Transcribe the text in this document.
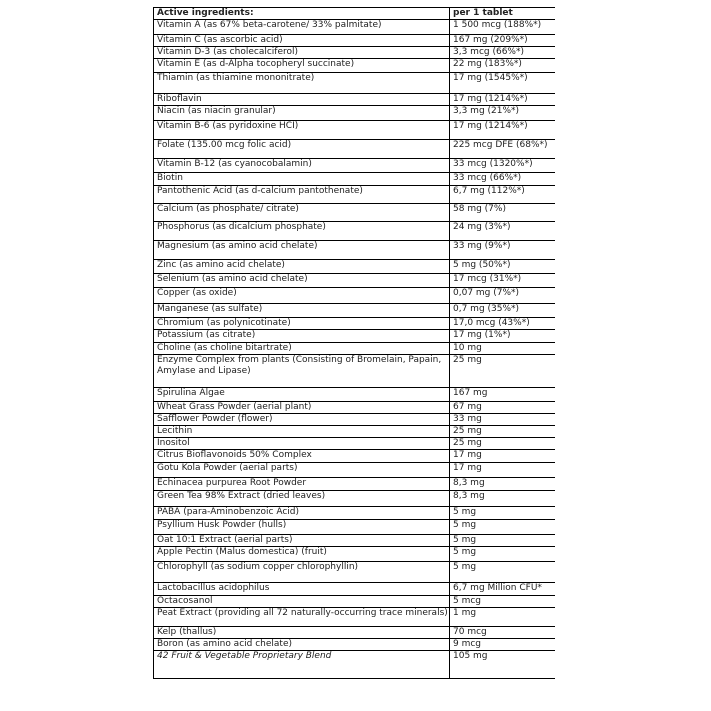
Active ingredients:	per 1 tablet
Vitamin A (as 67% beta-carotene/ 33% palmitate)	1 500 mcg (188%*)
Vitamin C (as ascorbic acid)	167 mg (209%*)
Vitamin D-3 (as cholecalciferol)	3,3 mcg (66%*)
Vitamin E (as d-Alpha tocopheryl succinate)	22 mg (183%*)
Thiamin (as thiamine mononitrate)	17 mg (1545%*)
Riboflavin	17 mg (1214%*)
Niacin (as niacin granular)	3,3 mg (21%*)
Vitamin B-6 (as pyridoxine HCI)	17 mg (1214%*)
Folate (135.00 mcg folic acid)	225 mcg DFE (68%*)
Vitamin B-12 (as cyanocobalamin)	33 mcg (1320%*)
Biotin	33 mcg (66%*)
Pantothenic Acid (as d-calcium pantothenate)	6,7 mg (112%*)
Calcium (as phosphate/ citrate)	58 mg (7%)
Phosphorus (as dicalcium phosphate)	24 mg (3%*)
Magnesium (as amino acid chelate)	33 mg (9%*)
Zinc (as amino acid chelate)	5 mg (50%*)
Selenium (as amino acid chelate)	17 mcg (31%*)
Copper (as oxide)	0,07 mg (7%*)
Manganese (as sulfate)	0,7 mg (35%*)
Chromium (as polynicotinate)	17,0 mcg (43%*)
Potassium (as citrate)	17 mg (1%*)
Choline (as choline bitartrate)	10 mg
Enzyme Complex from plants (Consisting of Bromelain, Papain, Amylase and Lipase)	25 mg
Spirulina Algae	167 mg
Wheat Grass Powder (aerial plant)	67 mg
Safflower Powder (flower)	33 mg
Lecithin	25 mg
Inositol	25 mg
Citrus Bioflavonoids 50% Complex	17 mg
Gotu Kola Powder (aerial parts)	17 mg
Echinacea purpurea Root Powder	8,3 mg
Green Tea 98% Extract (dried leaves)	8,3 mg
PABA (para-Aminobenzoic Acid)	5 mg
Psyllium Husk Powder (hulls)	5 mg
Oat 10:1 Extract (aerial parts)	5 mg
Apple Pectin (Malus domestica) (fruit)	5 mg
Chlorophyll (as sodium copper chlorophyllin)	5 mg
Lactobacillus acidophilus	6,7 mg Million CFU*
Octacosanol	5 mcg
Peat Extract (providing all 72 naturally-occurring trace minerals)	1 mg
Kelp (thallus)	70 mcg
Boron (as amino acid chelate)	9 mcg
42 Fruit & Vegetable Proprietary Blend	105 mg
